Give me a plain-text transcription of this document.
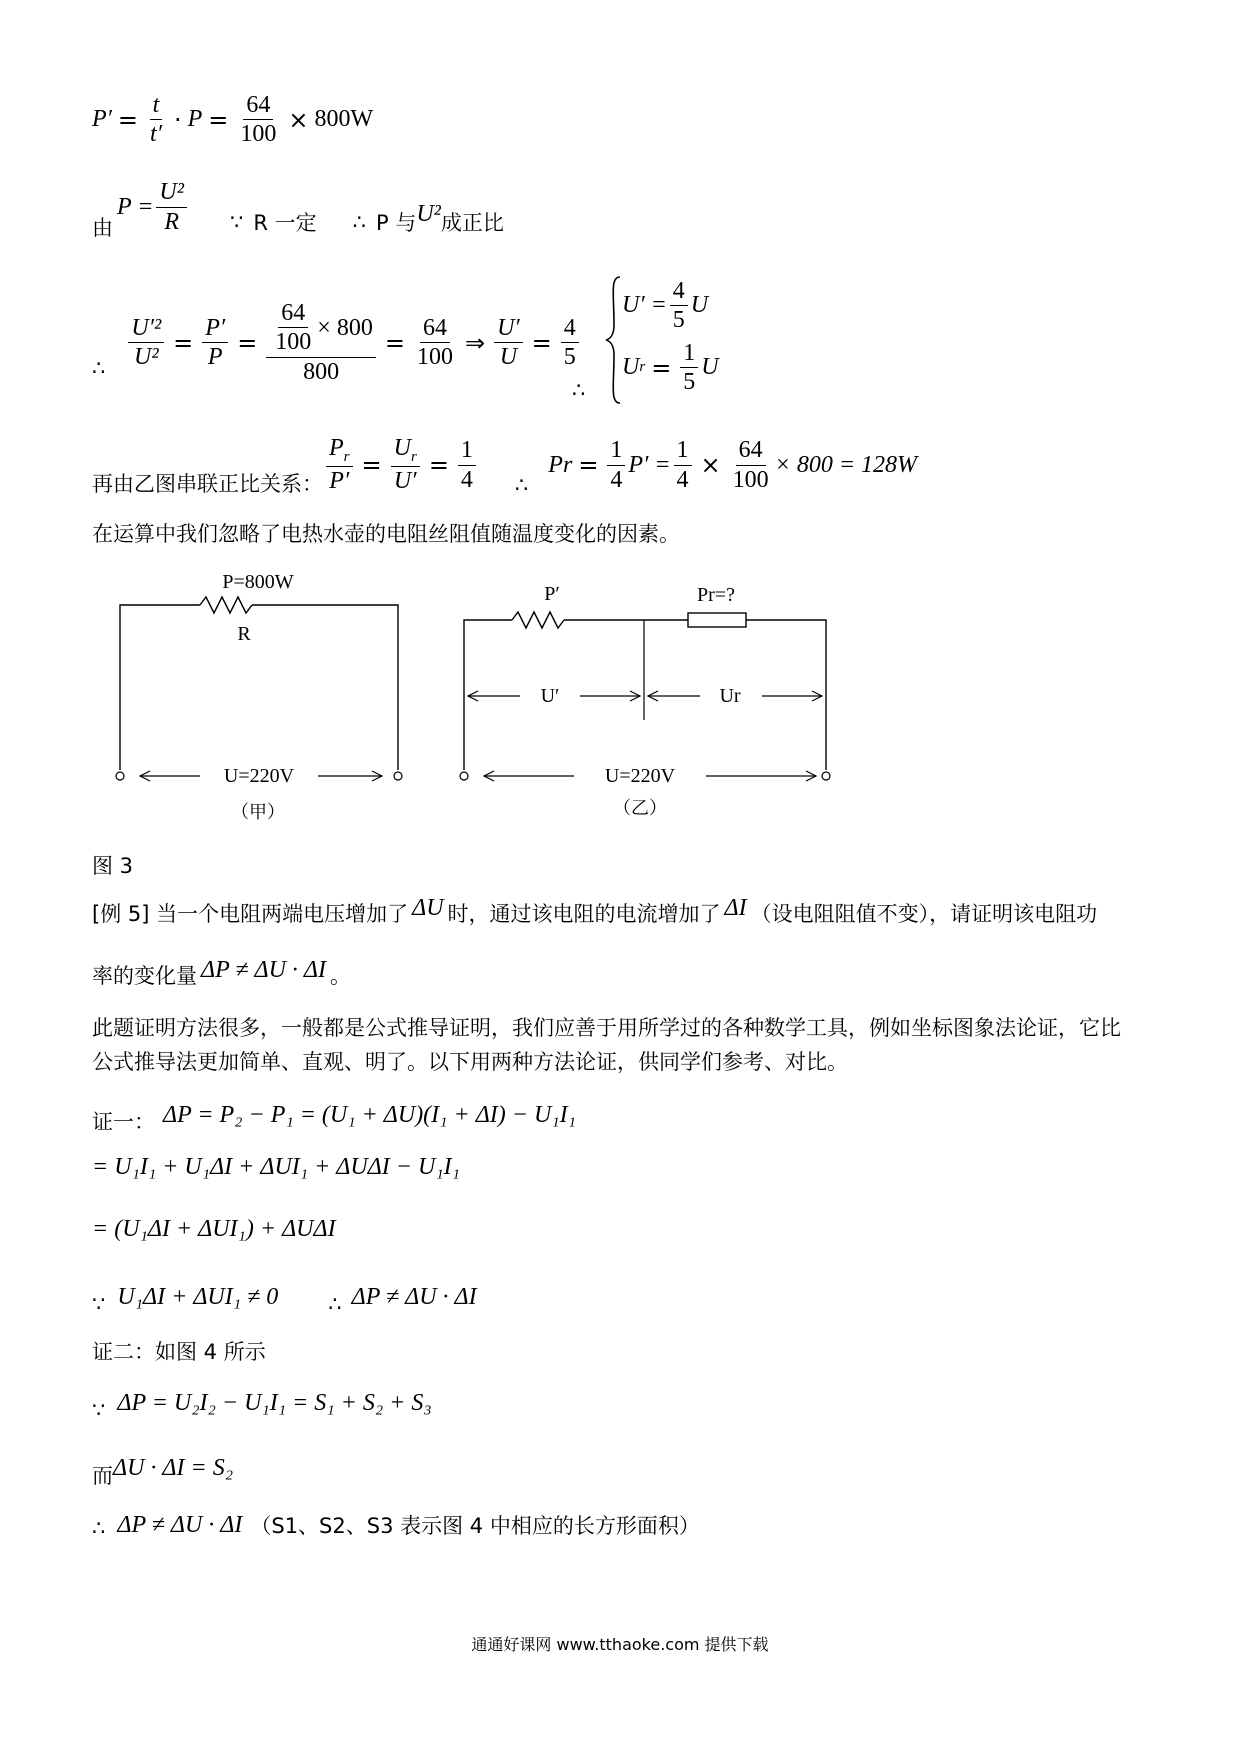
$P' = \frac{t}{t'} \cdot P = \frac{64}{100} \times 800W$
由
$P = \frac{\text{U²}}{R}$ ∵ R 一定 ∴ P 与 U² 成正比
∴ $\frac{\text{U′²}}{\text{U²}} = \frac{P'}{P} = \frac{\frac{64}{100} \times 800}{800} = \frac{64}{100}$ ⇒ $\frac{U'}{U} = \frac{4}{5}$
∴
$U' = \frac{4}{5}$ U
U $r = \frac{1}{5}$ U
再由乙图串联正比关系： $\frac{P_r}{P'} = \frac{U_r}{U'} = \frac{1}{4}$ ∴
P $r = \frac{1}{4} P' = \frac{1}{4} \times \frac{64}{100} \times 800 = 128W$
在运算中我们忽略了电热水壶的电阻丝阻值随温度变化的因素。
P=800W
R
U=220V
（甲）
P′	Pr=?
U′	Ur
U=220V
（乙）
图 3
[例 5] 当一个电阻两端电压增加了 ΔU 时，通过该电阻的电流增加了 ΔI （设电阻阻值不变），请证明该电阻功
率的变化量 ΔP ≠ ΔU · ΔI 。
此题证明方法很多，一般都是公式推导证明，我们应善于用所学过的各种数学工具，例如坐标图象法论证，它比
公式推导法更加简单、直观、明了。以下用两种方法论证，供同学们参考、对比。
证一： ΔP = P₂ − P₁ = (U₁ + ΔU)(I₁ + ΔI) − U₁I₁
= U₁I₁ + U₁ΔI + ΔUI₁ + ΔUΔI − U₁I₁
= (U₁ΔI + ΔUI₁) + ΔUΔI
∵ U₁ΔI + ΔUI₁ ≠ 0 ∴ ΔP ≠ ΔU · ΔI
证二：如图 4 所示
∵ ΔP = U₂I₂ − U₁I₁ = S₁ + S₂ + S₃
而 ΔU · ΔI = S₂
∴ ΔP ≠ ΔU · ΔI （S1、S2、S3 表示图 4 中相应的长方形面积）
通通好课网 www.tthaoke.com 提供下载
